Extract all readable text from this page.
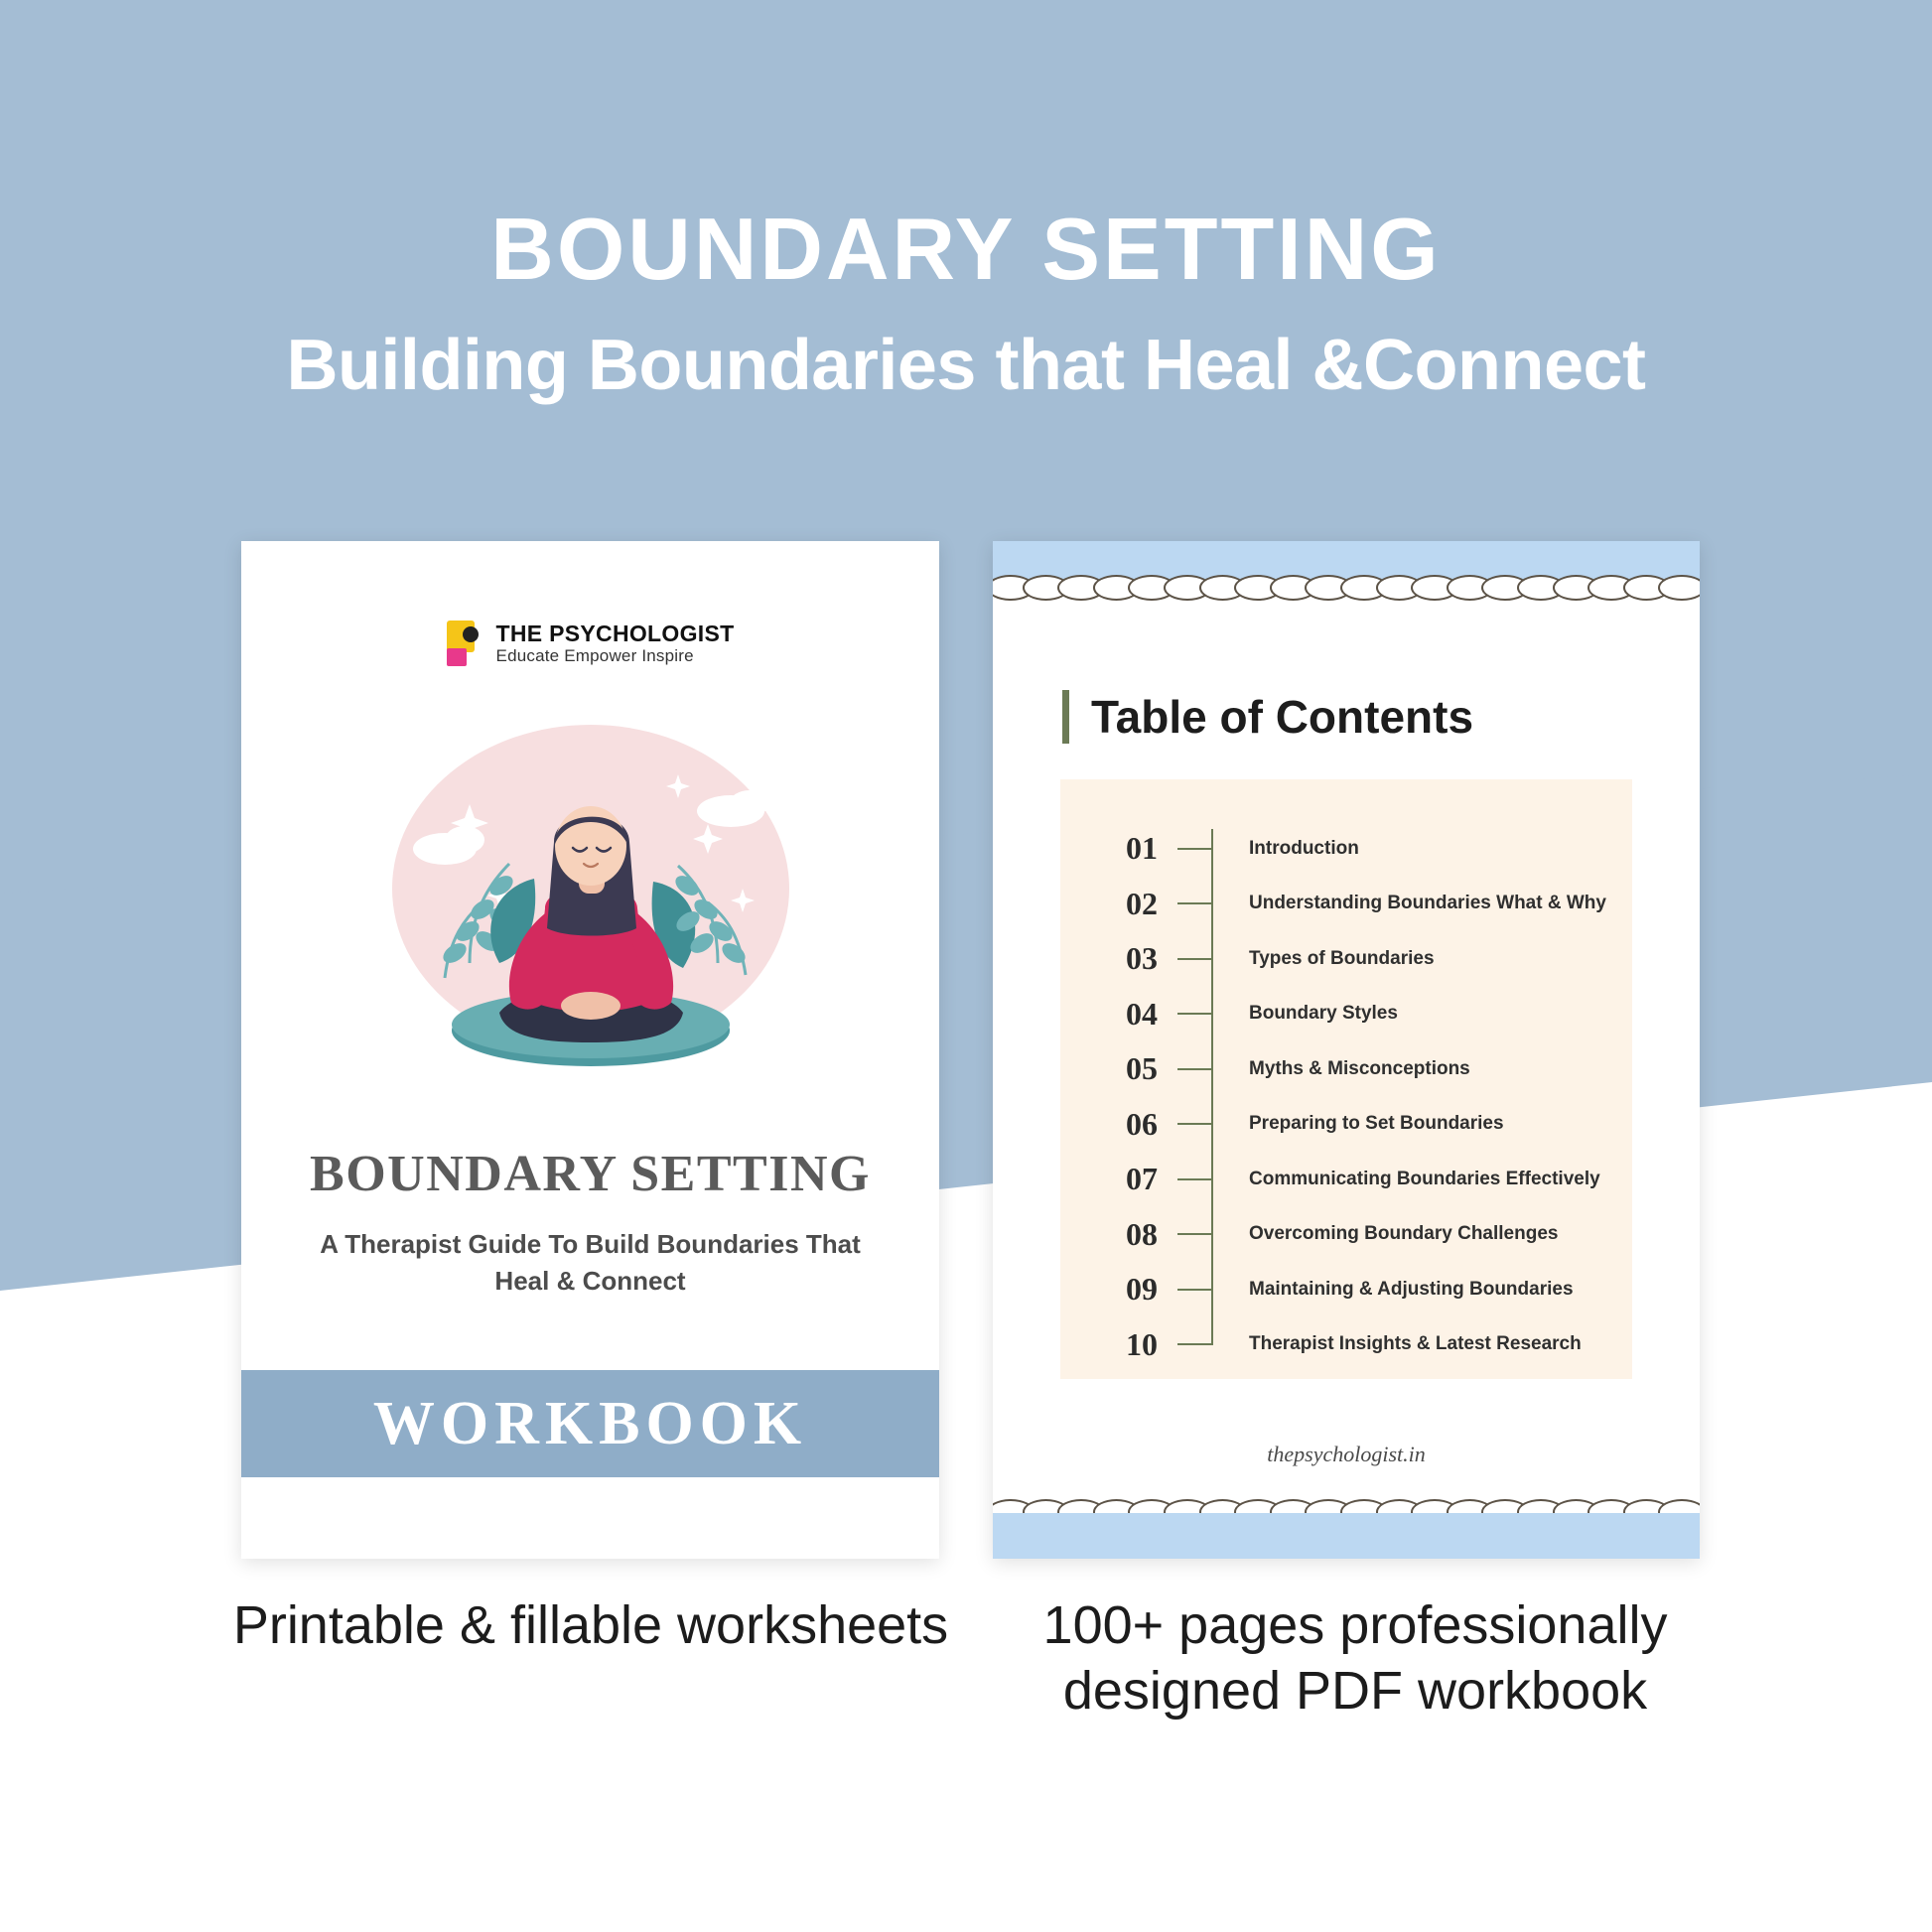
BOUNDARY SETTING
Building Boundaries that Heal &Connect
THE PSYCHOLOGIST
Educate Empower Inspire
BOUNDARY SETTING
A Therapist Guide To Build Boundaries That Heal & Connect
WORKBOOK
Table of Contents
01	Introduction
02	Understanding Boundaries What & Why
03	Types of Boundaries
04	Boundary Styles
05	Myths & Misconceptions
06	Preparing to Set Boundaries
07	Communicating Boundaries Effectively
08	Overcoming Boundary Challenges
09	Maintaining & Adjusting Boundaries
10	Therapist Insights & Latest Research
thepsychologist.in
Printable & fillable worksheets	100+ pages professionally designed PDF workbook
